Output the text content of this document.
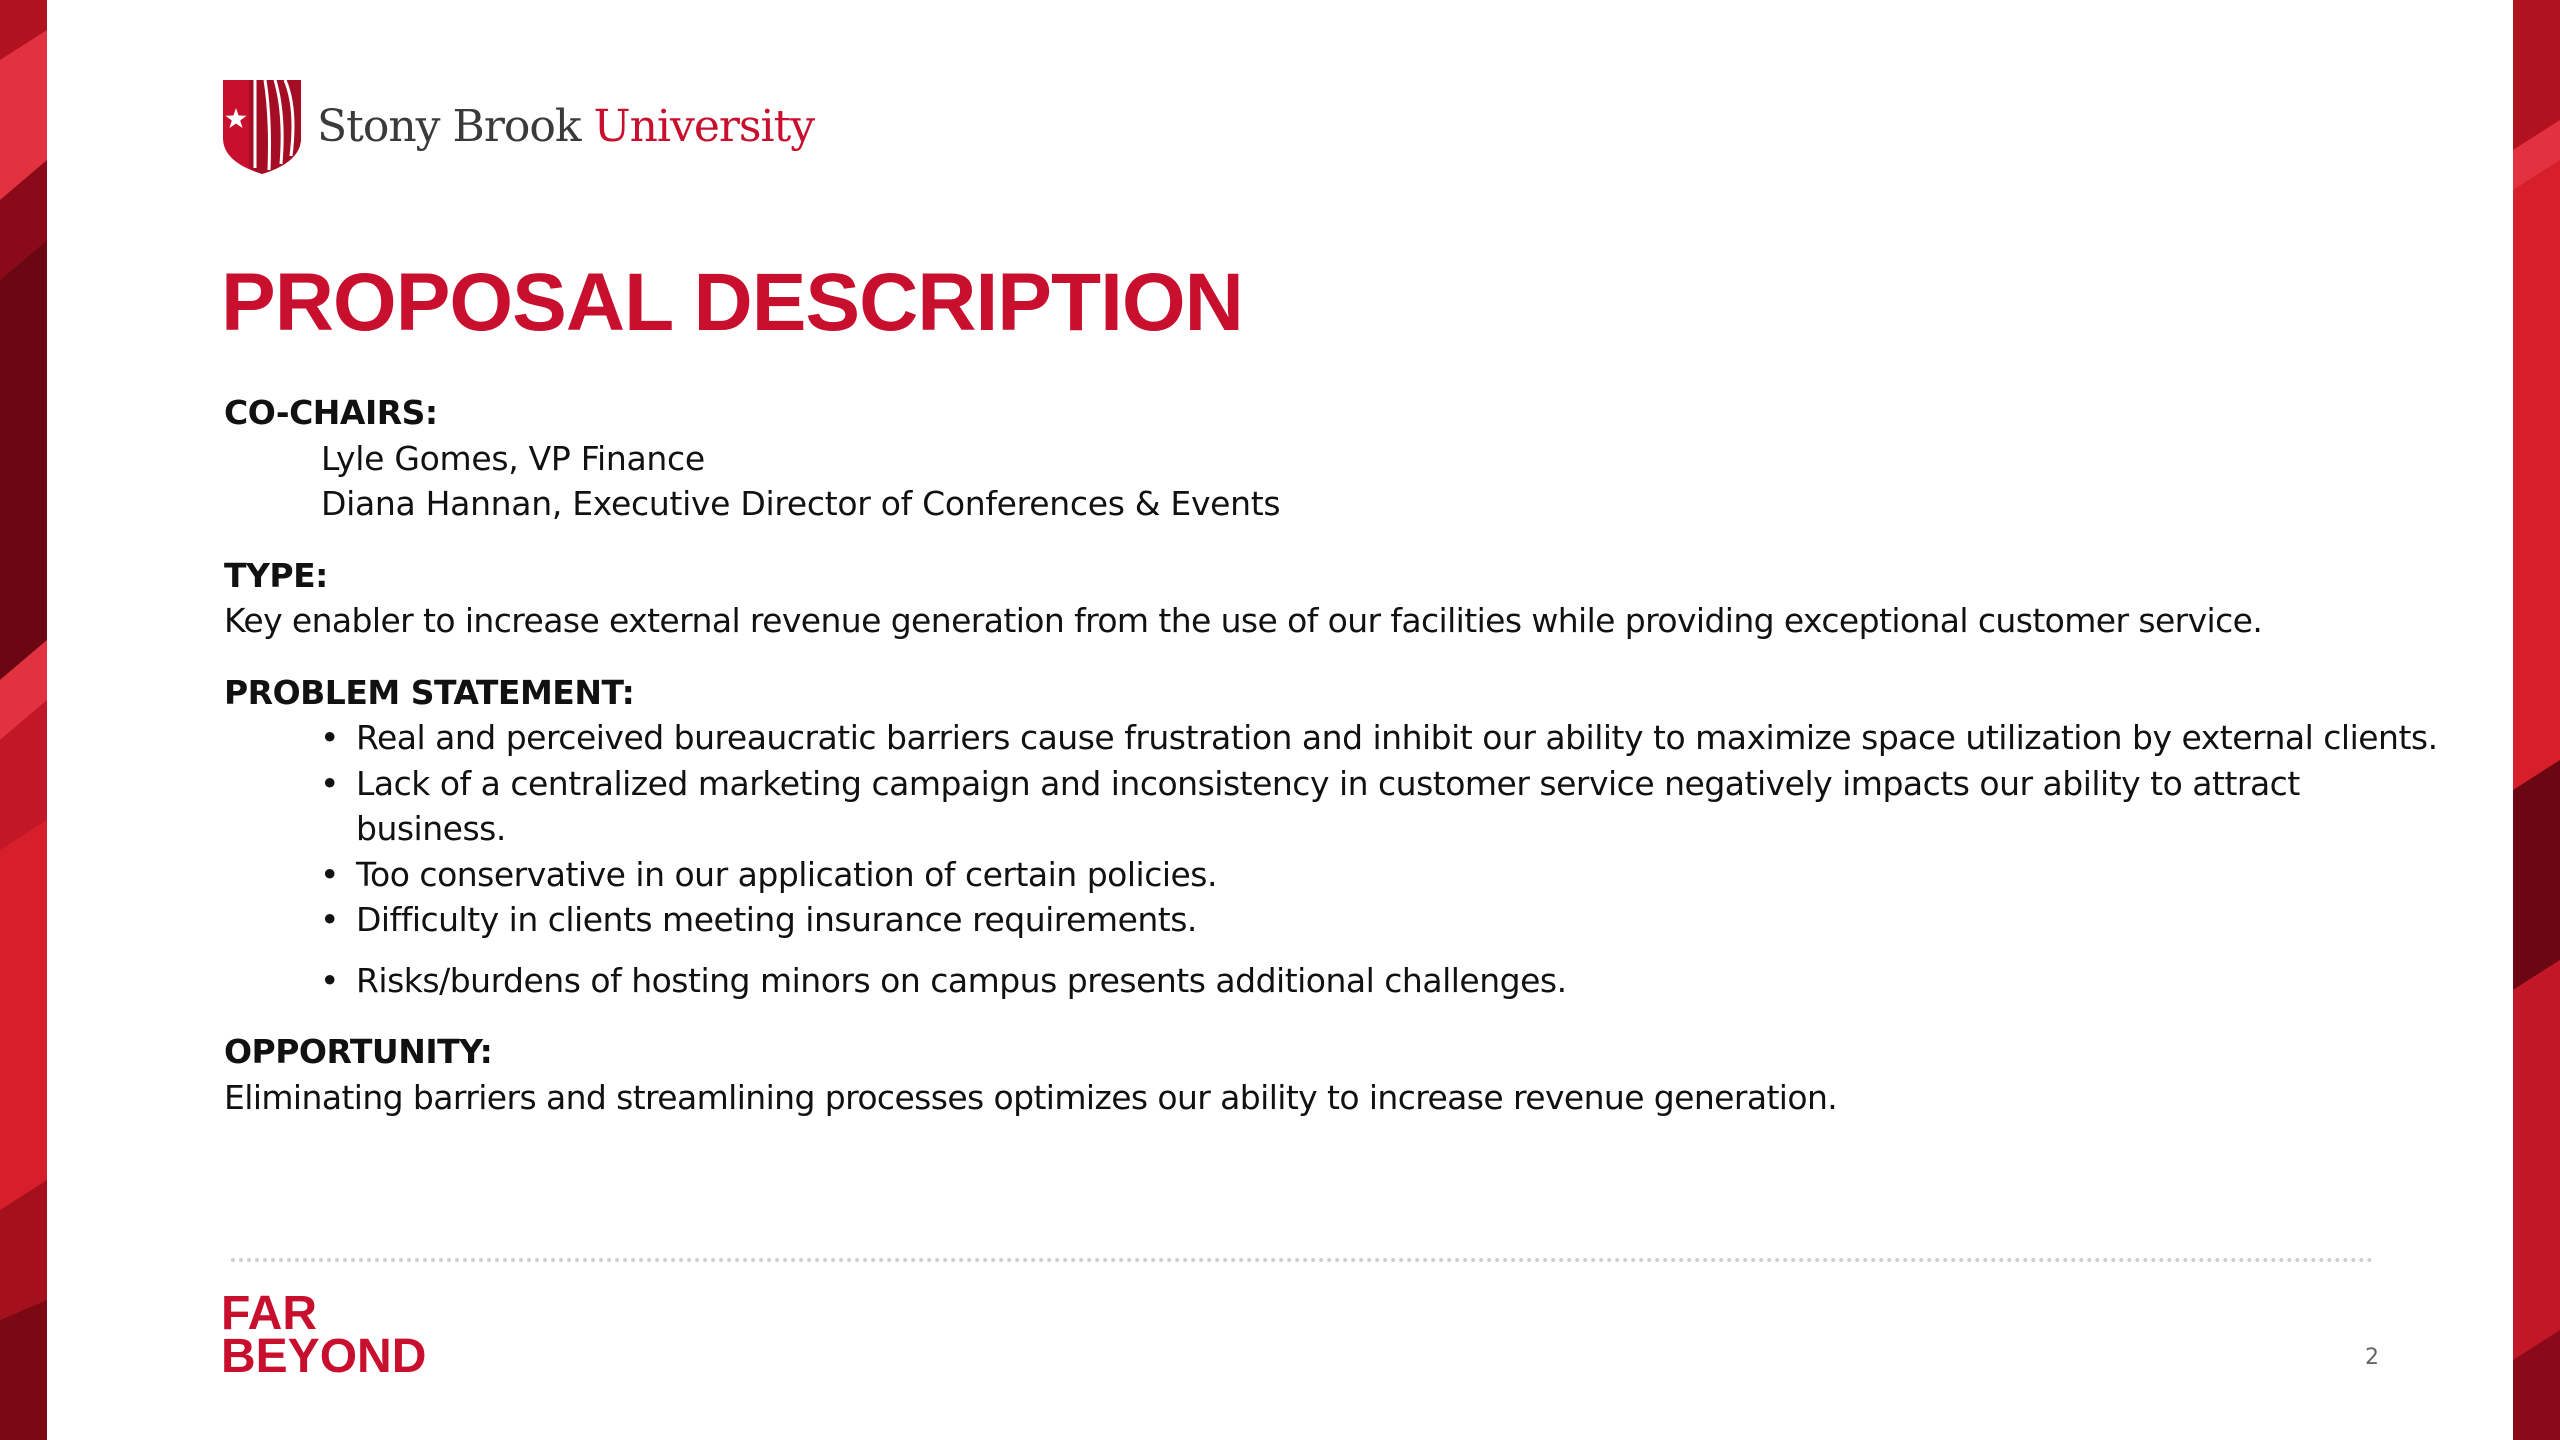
Stony Brook University
PROPOSAL DESCRIPTION
CO-CHAIRS:
Lyle Gomes, VP Finance
Diana Hannan, Executive Director of Conferences & Events
TYPE:
Key enabler to increase external revenue generation from the use of our facilities while providing exceptional customer service.
PROBLEM STATEMENT:
• Real and perceived bureaucratic barriers cause frustration and inhibit our ability to maximize space utilization by external clients.
• Lack of a centralized marketing campaign and inconsistency in customer service negatively impacts our ability to attract business.
• Too conservative in our application of certain policies.
• Difficulty in clients meeting insurance requirements.
• Risks/burdens of hosting minors on campus presents additional challenges.
OPPORTUNITY:
Eliminating barriers and streamlining processes optimizes our ability to increase revenue generation.
FAR
BEYOND	2
